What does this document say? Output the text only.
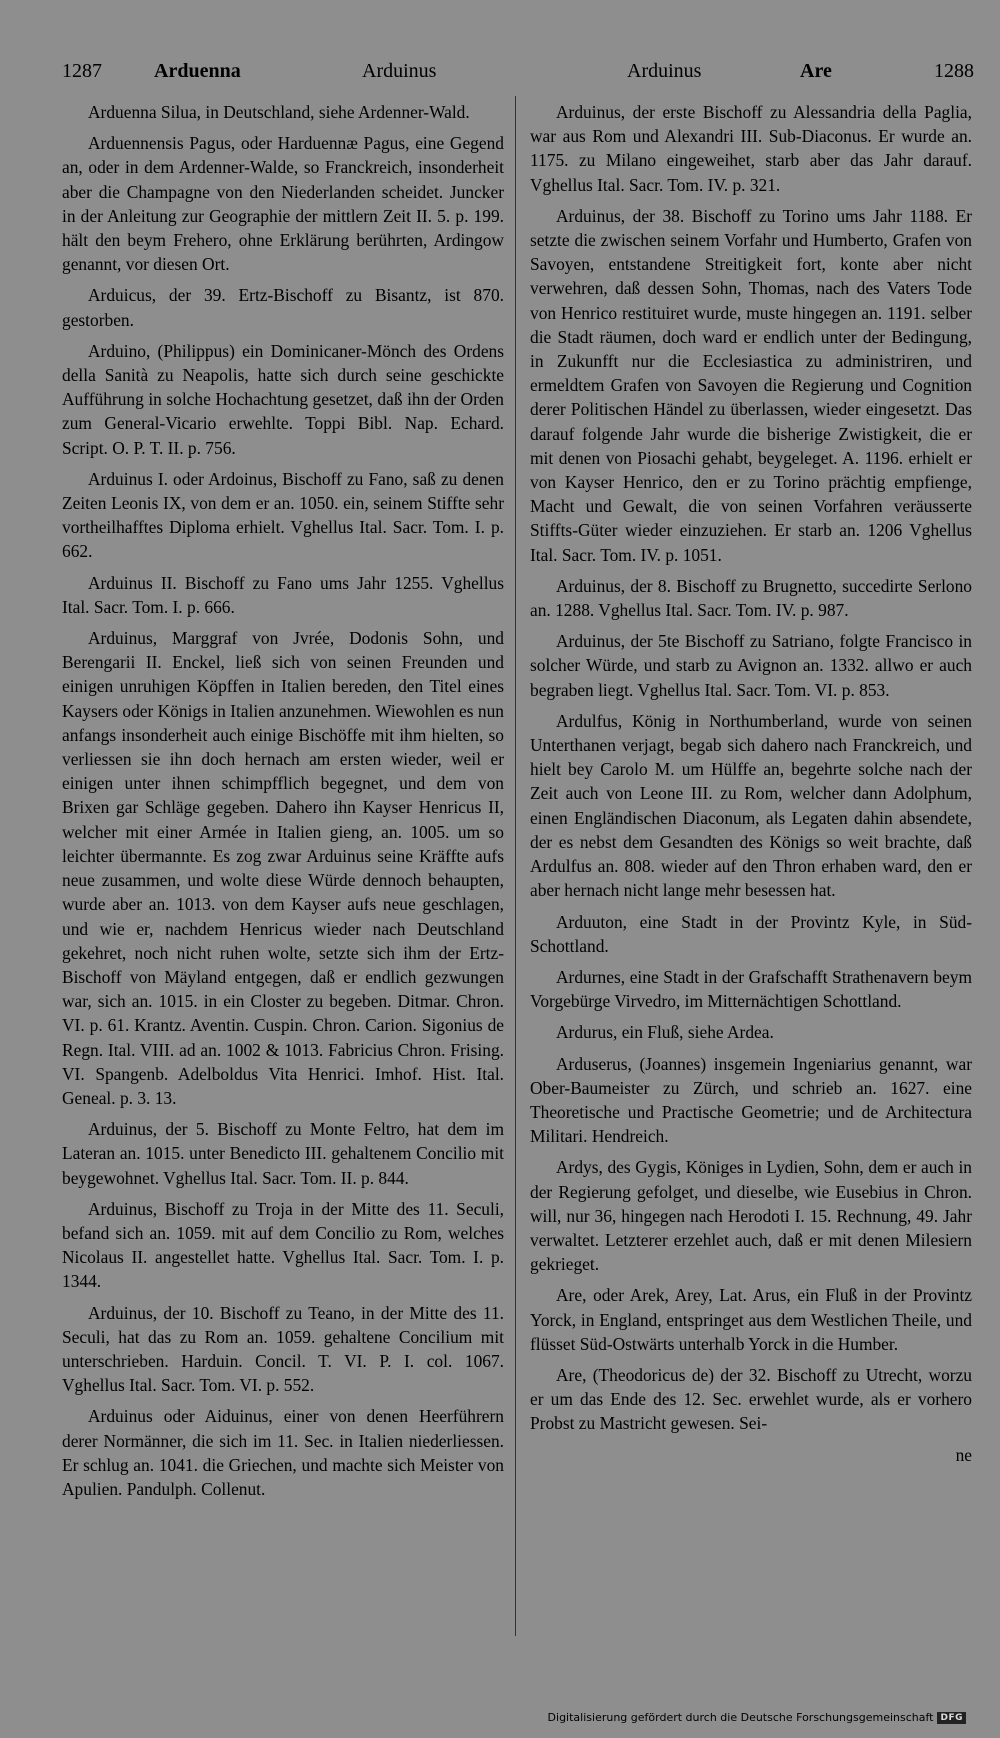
1287	Arduenna	Arduinus	Arduinus	Are	1288

Arduenna Silua, in Deutschland, siehe Ardenner-Wald.

Arduennensis Pagus, oder Harduennæ Pagus, eine Gegend an, oder in dem Ardenner-Walde, so Franckreich, insonderheit aber die Champagne von den Niederlanden scheidet. Juncker in der Anleitung zur Geographie der mittlern Zeit II. 5. p. 199. hält den beym Frehero, ohne Erklärung berührten, Ardingow genannt, vor diesen Ort.

Arduicus, der 39. Ertz-Bischoff zu Bisantz, ist 870. gestorben.

Arduino, (Philippus) ein Dominicaner-Mönch des Ordens della Sanità zu Neapolis, hatte sich durch seine geschickte Aufführung in solche Hochachtung gesetzet, daß ihn der Orden zum General-Vicario erwehlte. Toppi Bibl. Nap. Echard. Script. O. P. T. II. p. 756.

Arduinus I. oder Ardoinus, Bischoff zu Fano, saß zu denen Zeiten Leonis IX, von dem er an. 1050. ein, seinem Stiffte sehr vortheilhafftes Diploma erhielt. Vghellus Ital. Sacr. Tom. I. p. 662.

Arduinus II. Bischoff zu Fano ums Jahr 1255. Vghellus Ital. Sacr. Tom. I. p. 666.

Arduinus, Marggraf von Jvrée, Dodonis Sohn, und Berengarii II. Enckel, ließ sich von seinen Freunden und einigen unruhigen Köpffen in Italien bereden, den Titel eines Kaysers oder Königs in Italien anzunehmen. Wiewohlen es nun anfangs insonderheit auch einige Bischöffe mit ihm hielten, so verliessen sie ihn doch hernach am ersten wieder, weil er einigen unter ihnen schimpfflich begegnet, und dem von Brixen gar Schläge gegeben. Dahero ihn Kayser Henricus II, welcher mit einer Armée in Italien gieng, an. 1005. um so leichter übermannte. Es zog zwar Arduinus seine Kräffte aufs neue zusammen, und wolte diese Würde dennoch behaupten, wurde aber an. 1013. von dem Kayser aufs neue geschlagen, und wie er, nachdem Henricus wieder nach Deutschland gekehret, noch nicht ruhen wolte, setzte sich ihm der Ertz-Bischoff von Mäyland entgegen, daß er endlich gezwungen war, sich an. 1015. in ein Closter zu begeben. Ditmar. Chron. VI. p. 61. Krantz. Aventin. Cuspin. Chron. Carion. Sigonius de Regn. Ital. VIII. ad an. 1002 & 1013. Fabricius Chron. Frising. VI. Spangenb. Adelboldus Vita Henrici. Imhof. Hist. Ital. Geneal. p. 3. 13.

Arduinus, der 5. Bischoff zu Monte Feltro, hat dem im Lateran an. 1015. unter Benedicto III. gehaltenem Concilio mit beygewohnet. Vghellus Ital. Sacr. Tom. II. p. 844.

Arduinus, Bischoff zu Troja in der Mitte des 11. Seculi, befand sich an. 1059. mit auf dem Concilio zu Rom, welches Nicolaus II. angestellet hatte. Vghellus Ital. Sacr. Tom. I. p. 1344.

Arduinus, der 10. Bischoff zu Teano, in der Mitte des 11. Seculi, hat das zu Rom an. 1059. gehaltene Concilium mit unterschrieben. Harduin. Concil. T. VI. P. I. col. 1067. Vghellus Ital. Sacr. Tom. VI. p. 552.

Arduinus oder Aiduinus, einer von denen Heerführern derer Normänner, die sich im 11. Sec. in Italien niederliessen. Er schlug an. 1041. die Griechen, und machte sich Meister von Apulien. Pandulph. Collenut.

Arduinus, der erste Bischoff zu Alessandria della Paglia, war aus Rom und Alexandri III. Sub-Diaconus. Er wurde an. 1175. zu Milano eingeweihet, starb aber das Jahr darauf. Vghellus Ital. Sacr. Tom. IV. p. 321.

Arduinus, der 38. Bischoff zu Torino ums Jahr 1188. Er setzte die zwischen seinem Vorfahr und Humberto, Grafen von Savoyen, entstandene Streitigkeit fort, konte aber nicht verwehren, daß dessen Sohn, Thomas, nach des Vaters Tode von Henrico restituiret wurde, muste hingegen an. 1191. selber die Stadt räumen, doch ward er endlich unter der Bedingung, in Zukunfft nur die Ecclesiastica zu administriren, und ermeldtem Grafen von Savoyen die Regierung und Cognition derer Politischen Händel zu überlassen, wieder eingesetzt. Das darauf folgende Jahr wurde die bisherige Zwistigkeit, die er mit denen von Piosachi gehabt, beygeleget. A. 1196. erhielt er von Kayser Henrico, den er zu Torino prächtig empfienge, Macht und Gewalt, die von seinen Vorfahren veräusserte Stiffts-Güter wieder einzuziehen. Er starb an. 1206 Vghellus Ital. Sacr. Tom. IV. p. 1051.

Arduinus, der 8. Bischoff zu Brugnetto, succedirte Serlono an. 1288. Vghellus Ital. Sacr. Tom. IV. p. 987.

Arduinus, der 5te Bischoff zu Satriano, folgte Francisco in solcher Würde, und starb zu Avignon an. 1332. allwo er auch begraben liegt. Vghellus Ital. Sacr. Tom. VI. p. 853.

Ardulfus, König in Northumberland, wurde von seinen Unterthanen verjagt, begab sich dahero nach Franckreich, und hielt bey Carolo M. um Hülffe an, begehrte solche nach der Zeit auch von Leone III. zu Rom, welcher dann Adolphum, einen Engländischen Diaconum, als Legaten dahin absendete, der es nebst dem Gesandten des Königs so weit brachte, daß Ardulfus an. 808. wieder auf den Thron erhaben ward, den er aber hernach nicht lange mehr besessen hat.

Arduuton, eine Stadt in der Provintz Kyle, in Süd-Schottland.

Ardurnes, eine Stadt in der Grafschafft Strathenavern beym Vorgebürge Virvedro, im Mitternächtigen Schottland.

Ardurus, ein Fluß, siehe Ardea.

Arduserus, (Joannes) insgemein Ingeniarius genannt, war Ober-Baumeister zu Zürch, und schrieb an. 1627. eine Theoretische und Practische Geometrie; und de Architectura Militari. Hendreich.

Ardys, des Gygis, Königes in Lydien, Sohn, dem er auch in der Regierung gefolget, und dieselbe, wie Eusebius in Chron. will, nur 36, hingegen nach Herodoti I. 15. Rechnung, 49. Jahr verwaltet. Letzterer erzehlet auch, daß er mit denen Milesiern gekrieget.

Are, oder Arek, Arey, Lat. Arus, ein Fluß in der Provintz Yorck, in England, entspringet aus dem Westlichen Theile, und flüsset Süd-Ostwärts unterhalb Yorck in die Humber.

Are, (Theodoricus de) der 32. Bischoff zu Utrecht, worzu er um das Ende des 12. Sec. erwehlet wurde, als er vorhero Probst zu Mastricht gewesen. Sei-

ne

Digitalisierung gefördert durch die Deutsche Forschungsgemeinschaft DFG
